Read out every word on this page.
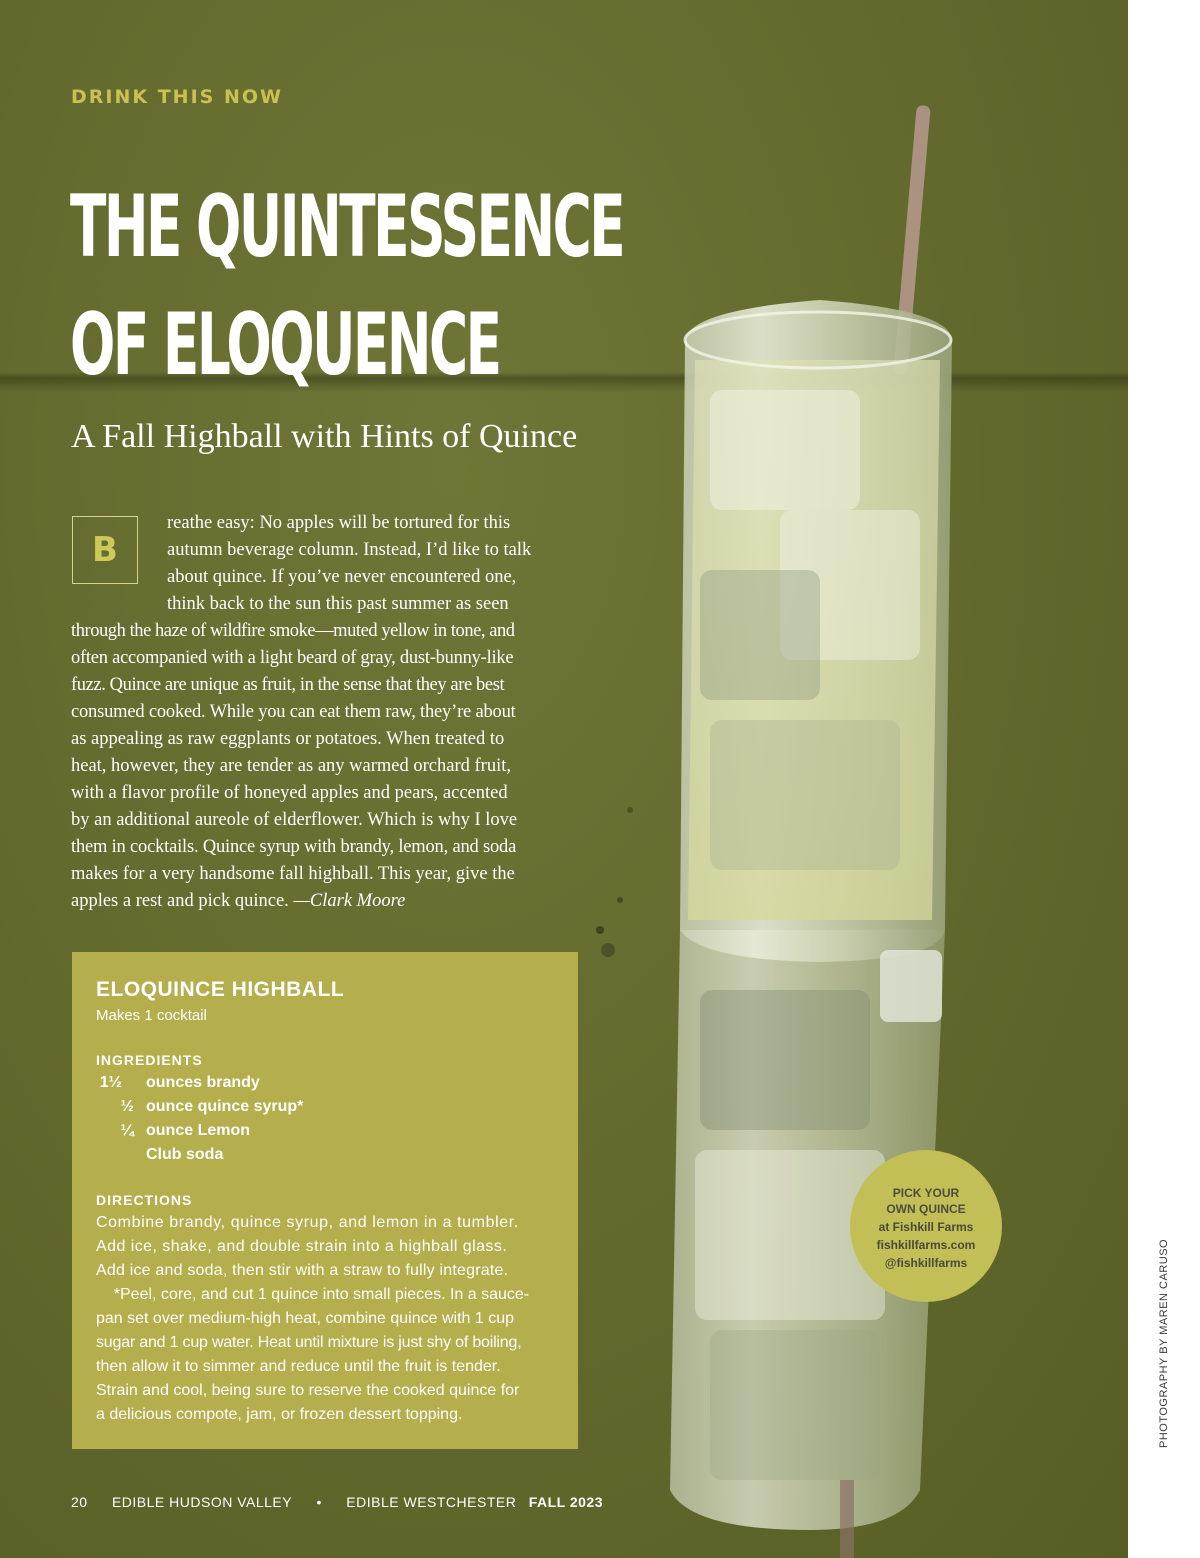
DRINK THIS NOW
THE QUINTESSENCE
OF ELOQUENCE
A Fall Highball with Hints of Quince
B
reathe easy: No apples will be tortured for this
autumn beverage column. Instead, I’d like to talk
about quince. If you’ve never encountered one,
think back to the sun this past summer as seen
through the haze of wildfire smoke—muted yellow in tone, and
often accompanied with a light beard of gray, dust-bunny-like
fuzz. Quince are unique as fruit, in the sense that they are best
consumed cooked. While you can eat them raw, they’re about
as appealing as raw eggplants or potatoes. When treated to
heat, however, they are tender as any warmed orchard fruit,
with a flavor profile of honeyed apples and pears, accented
by an additional aureole of elderflower. Which is why I love
them in cocktails. Quince syrup with brandy, lemon, and soda
makes for a very handsome fall highball. This year, give the
apples a rest and pick quince. —Clark Moore
ELOQUINCE HIGHBALL
Makes 1 cocktail
INGREDIENTS
1½ ounces brandy
½ ounce quince syrup*
¼ ounce Lemon
Club soda
DIRECTIONS
Combine brandy, quince syrup, and lemon in a tumbler.
Add ice, shake, and double strain into a highball glass.
Add ice and soda, then stir with a straw to fully integrate.
*Peel, core, and cut 1 quince into small pieces. In a sauce-
pan set over medium-high heat, combine quince with 1 cup
sugar and 1 cup water. Heat until mixture is just shy of boiling,
then allow it to simmer and reduce until the fruit is tender.
Strain and cool, being sure to reserve the cooked quince for
a delicious compote, jam, or frozen dessert topping.
PICK YOUR
OWN QUINCE
at Fishkill Farms
fishkillfarms.com
@fishkillfarms
20 EDIBLE HUDSON VALLEY • EDIBLE WESTCHESTER FALL 2023
PHOTOGRAPHY BY MAREN CARUSO
